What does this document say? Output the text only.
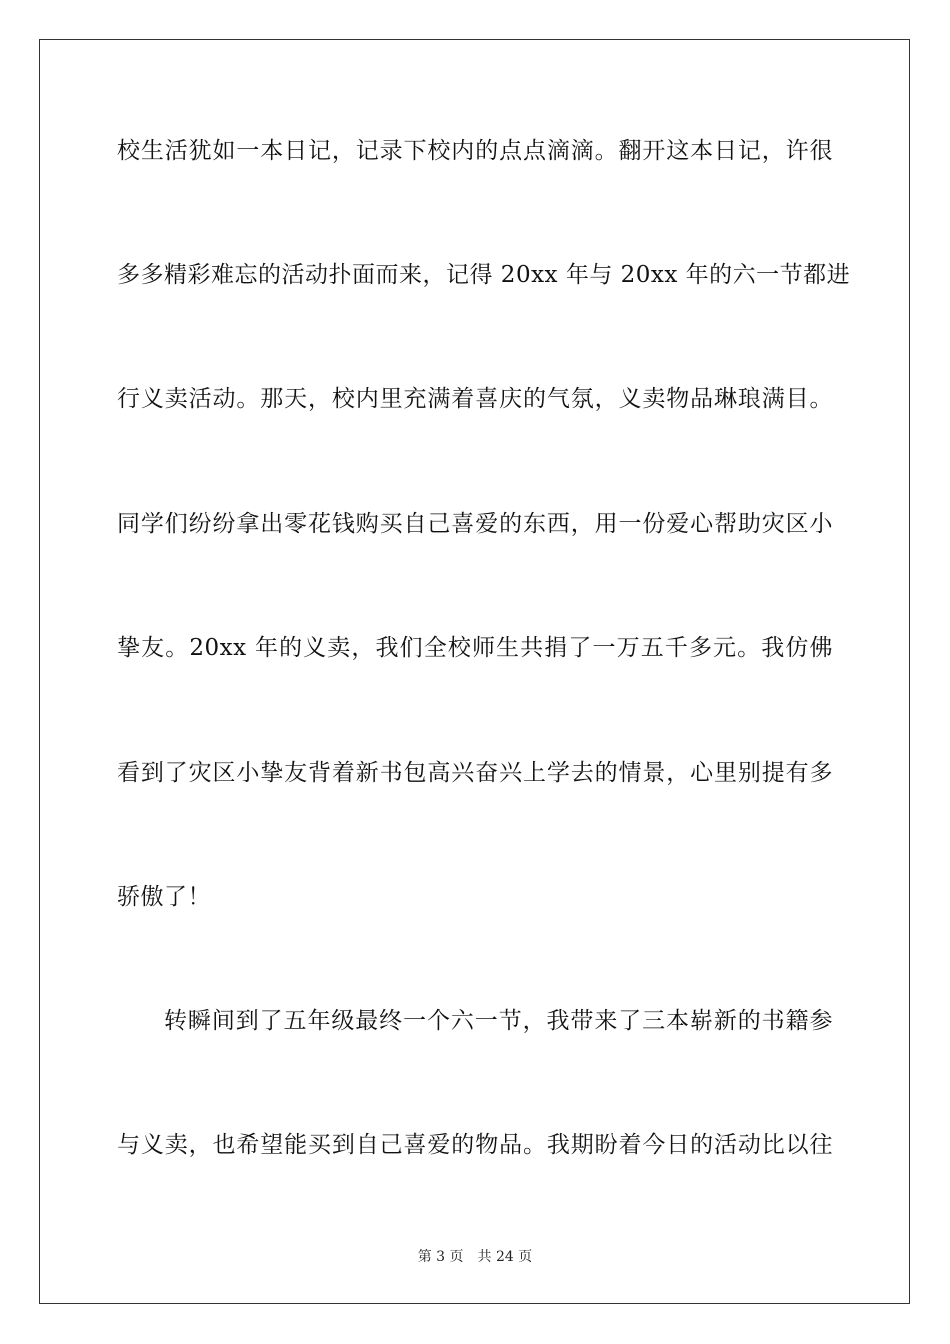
校生活犹如一本日记，记录下校内的点点滴滴。翻开这本日记，许很
多多精彩难忘的活动扑面而来，记得 20xx 年与 20xx 年的六一节都进
行义卖活动。那天，校内里充满着喜庆的气氛，义卖物品琳琅满目。
同学们纷纷拿出零花钱购买自己喜爱的东西，用一份爱心帮助灾区小
挚友。20xx 年的义卖，我们全校师生共捐了一万五千多元。我仿佛
看到了灾区小挚友背着新书包高兴奋兴上学去的情景，心里别提有多
骄傲了！
转瞬间到了五年级最终一个六一节，我带来了三本崭新的书籍参
与义卖，也希望能买到自己喜爱的物品。我期盼着今日的活动比以往
第 3 页 共 24 页
